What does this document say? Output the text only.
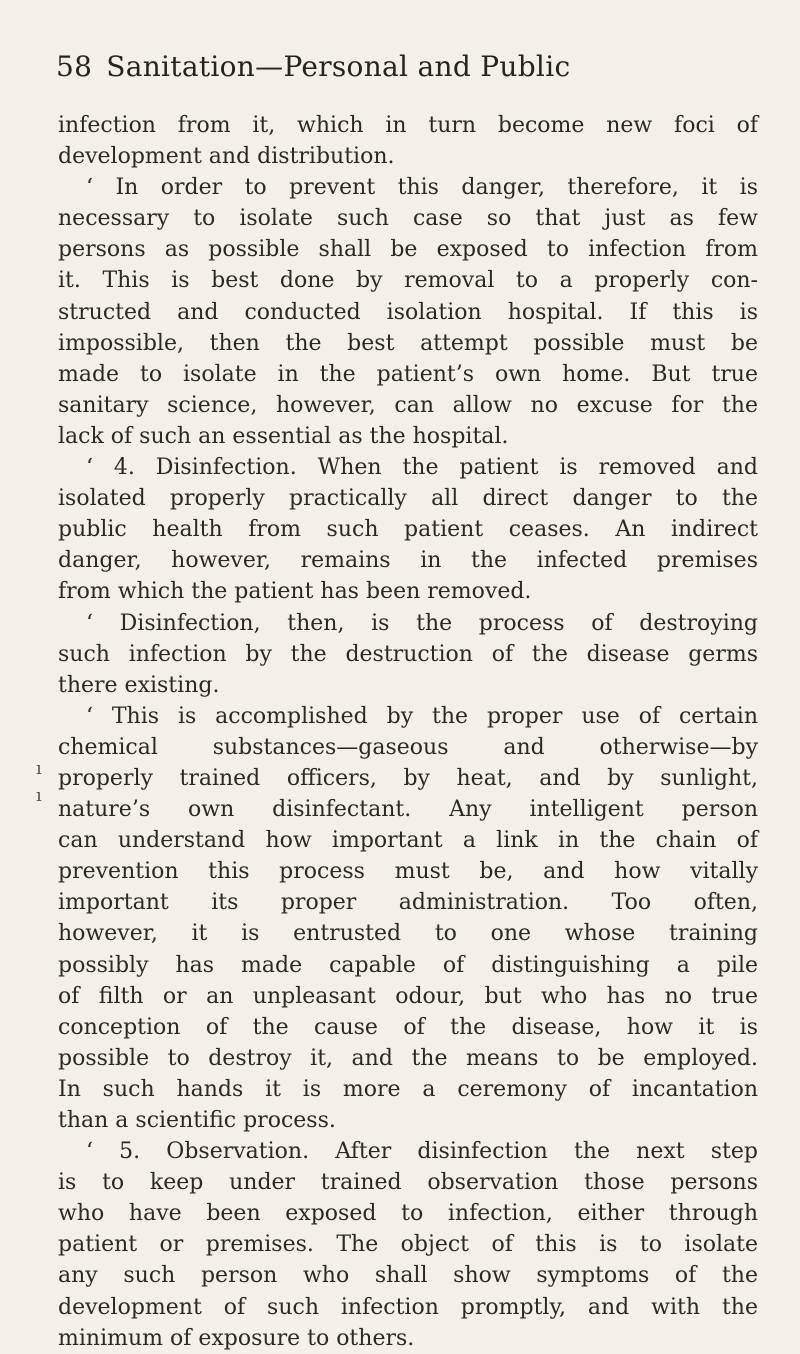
58 Sanitation—Personal and Public
infection from it, which in turn become new foci of
development and distribution.
‘ In order to prevent this danger, therefore, it is
necessary to isolate such case so that just as few
persons as possible shall be exposed to infection from
it. This is best done by removal to a properly con-
structed and conducted isolation hospital. If this is
impossible, then the best attempt possible must be
made to isolate in the patient’s own home. But true
sanitary science, however, can allow no excuse for the
lack of such an essential as the hospital.
‘ 4. Disinfection. When the patient is removed and
isolated properly practically all direct danger to the
public health from such patient ceases. An indirect
danger, however, remains in the infected premises
from which the patient has been removed.
‘ Disinfection, then, is the process of destroying
such infection by the destruction of the disease germs
there existing.
‘ This is accomplished by the proper use of certain
chemical substances—gaseous and otherwise—by
properly trained officers, by heat, and by sunlight,
nature’s own disinfectant. Any intelligent person
can understand how important a link in the chain of
prevention this process must be, and how vitally
important its proper administration. Too often,
however, it is entrusted to one whose training
possibly has made capable of distinguishing a pile
of filth or an unpleasant odour, but who has no true
conception of the cause of the disease, how it is
possible to destroy it, and the means to be employed.
In such hands it is more a ceremony of incantation
than a scientific process.
‘ 5. Observation. After disinfection the next step
is to keep under trained observation those persons
who have been exposed to infection, either through
patient or premises. The object of this is to isolate
any such person who shall show symptoms of the
development of such infection promptly, and with the
minimum of exposure to others.
ı
ı
